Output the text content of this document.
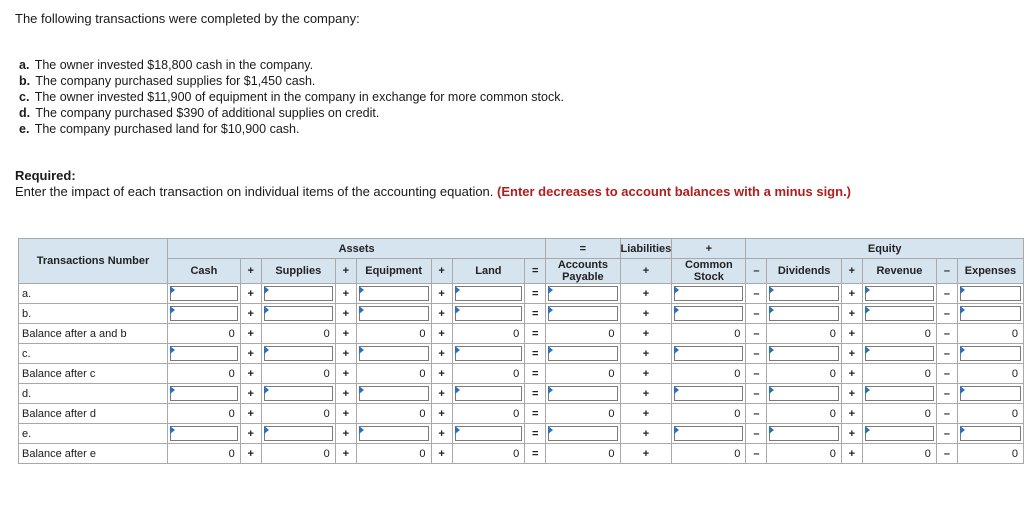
The following transactions were completed by the company:
a. The owner invested $18,800 cash in the company.
b. The company purchased supplies for $1,450 cash.
c. The owner invested $11,900 of equipment in the company in exchange for more common stock.
d. The company purchased $390 of additional supplies on credit.
e. The company purchased land for $10,900 cash.
Required:
Enter the impact of each transaction on individual items of the accounting equation. (Enter decreases to account balances with a minus sign.)
Transactions Number	Assets								=	Liabilities	+	Equity					
	Cash	+	Supplies	+	Equipment	+	Land	=	Accounts Payable	+	Common Stock	–	Dividends	+	Revenue	–	Expenses
a.		+		+		+		=		+		–		+		–	

b.		+		+		+		=		+		–		+		–	

Balance after a and b	0	+	0	+	0	+	0	=	0	+	0	–	0	+	0	–	0
c.		+		+		+		=		+		–		+		–	

Balance after c	0	+	0	+	0	+	0	=	0	+	0	–	0	+	0	–	0
d.		+		+		+		=		+		–		+		–	

Balance after d	0	+	0	+	0	+	0	=	0	+	0	–	0	+	0	–	0
e.		+		+		+		=		+		–		+		–	

Balance after e	0	+	0	+	0	+	0	=	0	+	0	–	0	+	0	–	0
